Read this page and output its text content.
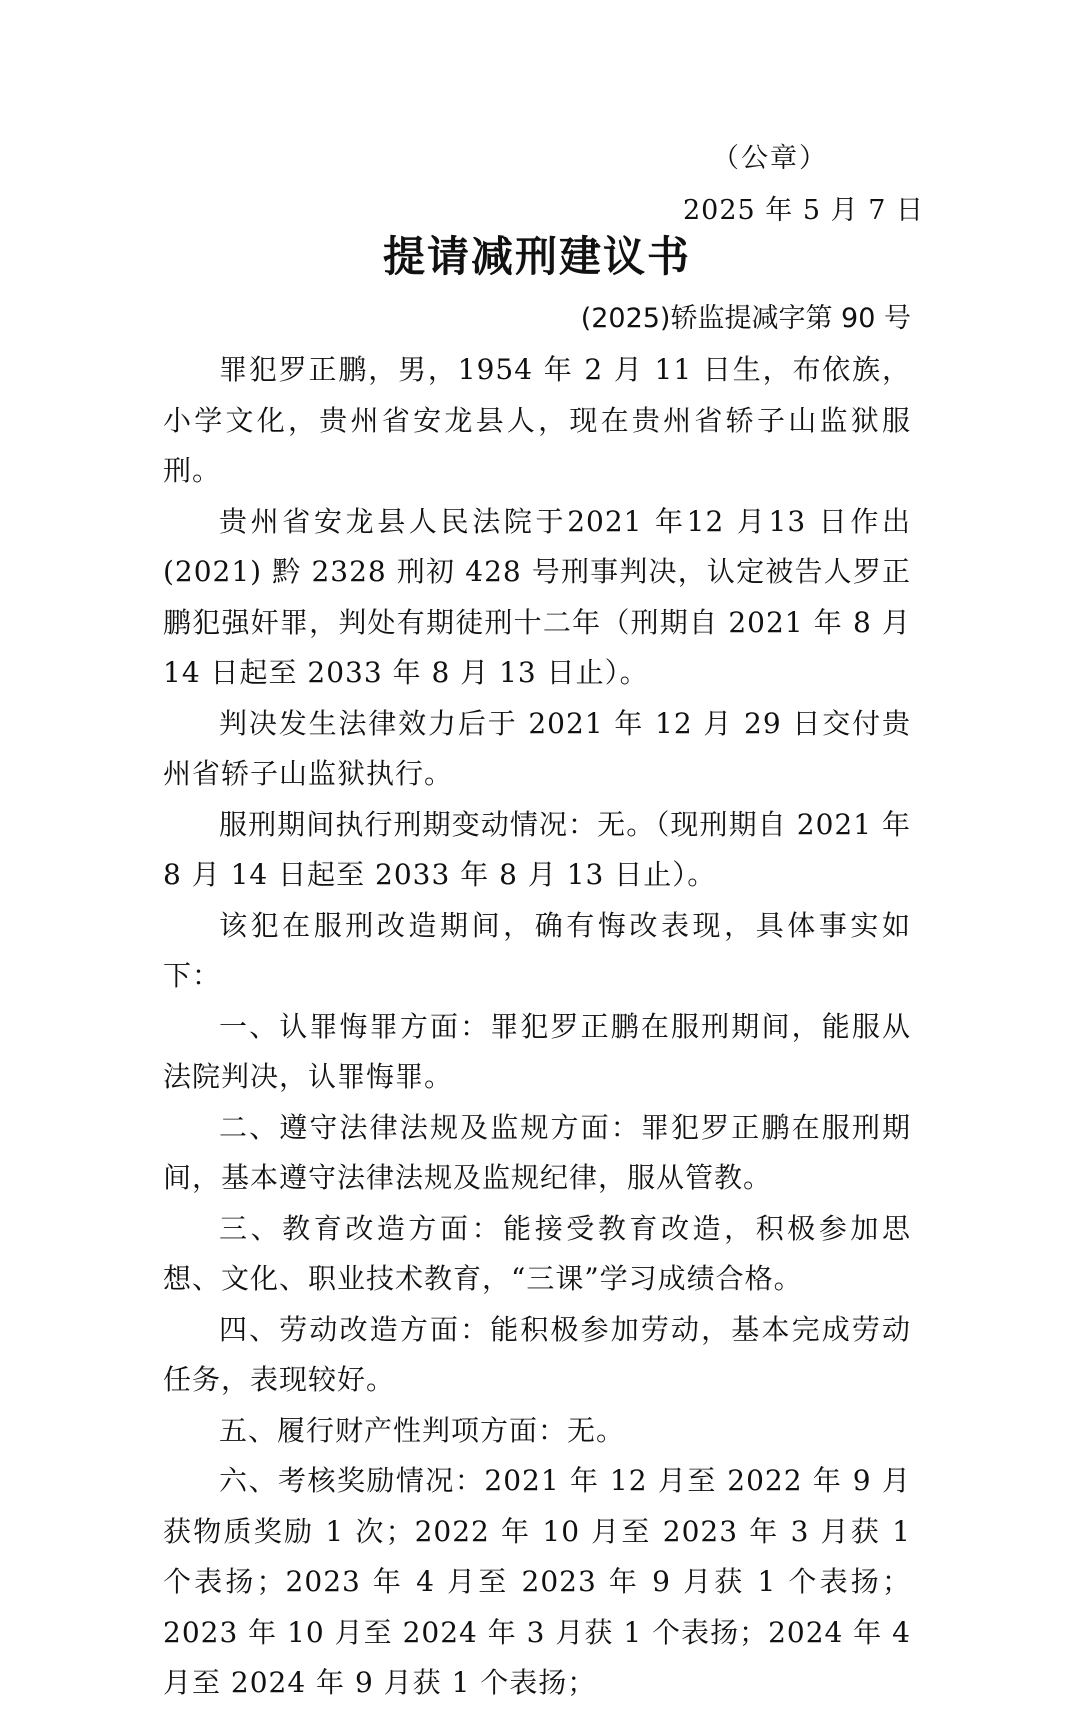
（公章）
2025 年 5 月 7 日
提请减刑建议书
(2025)轿监提减字第 90 号

罪犯罗正鹏，男，1954 年 2 月 11 日生，布依族，小学文化，贵州省安龙县人，现在贵州省轿子山监狱服刑。

贵州省安龙县人民法院于2021 年12 月13 日作出(2021) 黔 2328 刑初 428 号刑事判决，认定被告人罗正鹏犯强奸罪，判处有期徒刑十二年（刑期自 2021 年 8 月 14 日起至 2033 年 8 月 13 日止）。

判决发生法律效力后于 2021 年 12 月 29 日交付贵州省轿子山监狱执行。

服刑期间执行刑期变动情况：无。（现刑期自 2021 年 8 月 14 日起至 2033 年 8 月 13 日止）。

该犯在服刑改造期间，确有悔改表现，具体事实如下：

一、认罪悔罪方面：罪犯罗正鹏在服刑期间，能服从法院判决，认罪悔罪。

二、遵守法律法规及监规方面：罪犯罗正鹏在服刑期间，基本遵守法律法规及监规纪律，服从管教。

三、教育改造方面：能接受教育改造，积极参加思想、文化、职业技术教育，“三课”学习成绩合格。

四、劳动改造方面：能积极参加劳动，基本完成劳动任务，表现较好。

五、履行财产性判项方面：无。

六、考核奖励情况：2021 年 12 月至 2022 年 9 月获物质奖励 1 次；2022 年 10 月至 2023 年 3 月获 1 个表扬；2023 年 4 月至 2023 年 9 月获 1 个表扬；2023 年 10 月至 2024 年 3 月获 1 个表扬；2024 年 4 月至 2024 年 9 月获 1 个表扬；
